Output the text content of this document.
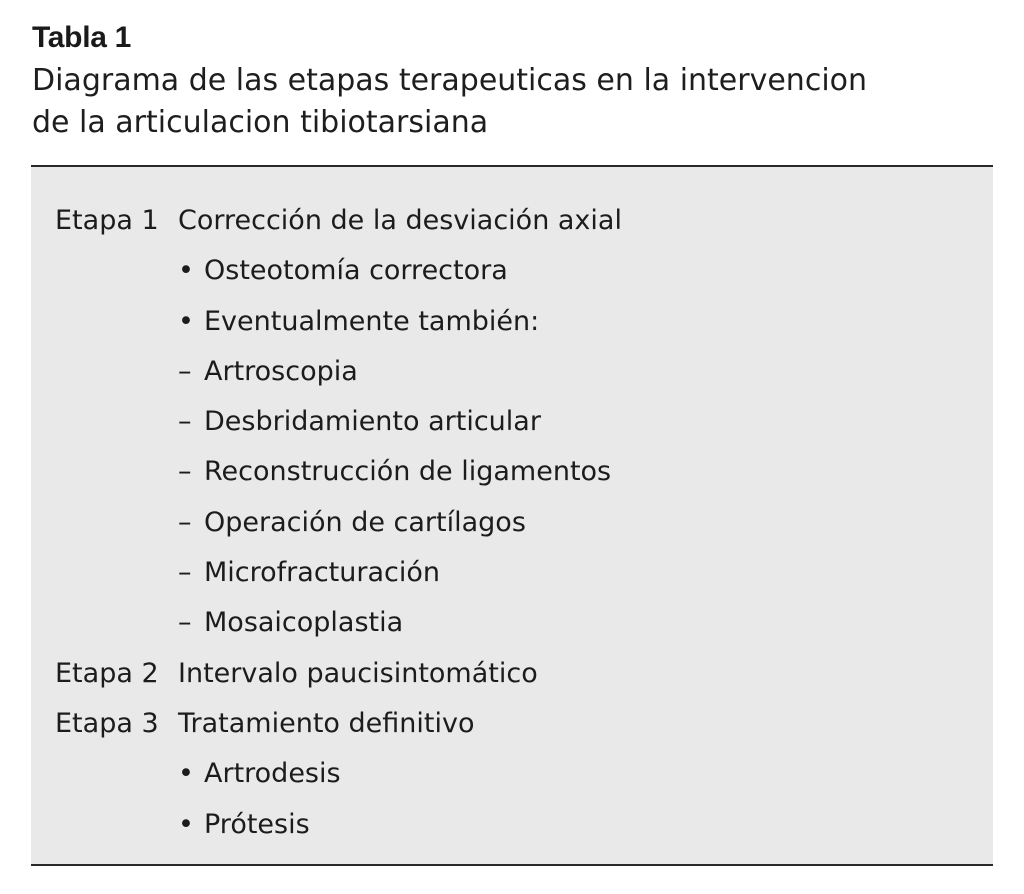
Tabla 1
Diagrama de las etapas terapeuticas en la intervencion
de la articulacion tibiotarsiana
Etapa 1 Corrección de la desviación axial
• Osteotomía correctora
• Eventualmente también:
– Artroscopia
– Desbridamiento articular
– Reconstrucción de ligamentos
– Operación de cartílagos
– Microfracturación
– Mosaicoplastia
Etapa 2 Intervalo paucisintomático
Etapa 3 Tratamiento definitivo
• Artrodesis
• Prótesis
